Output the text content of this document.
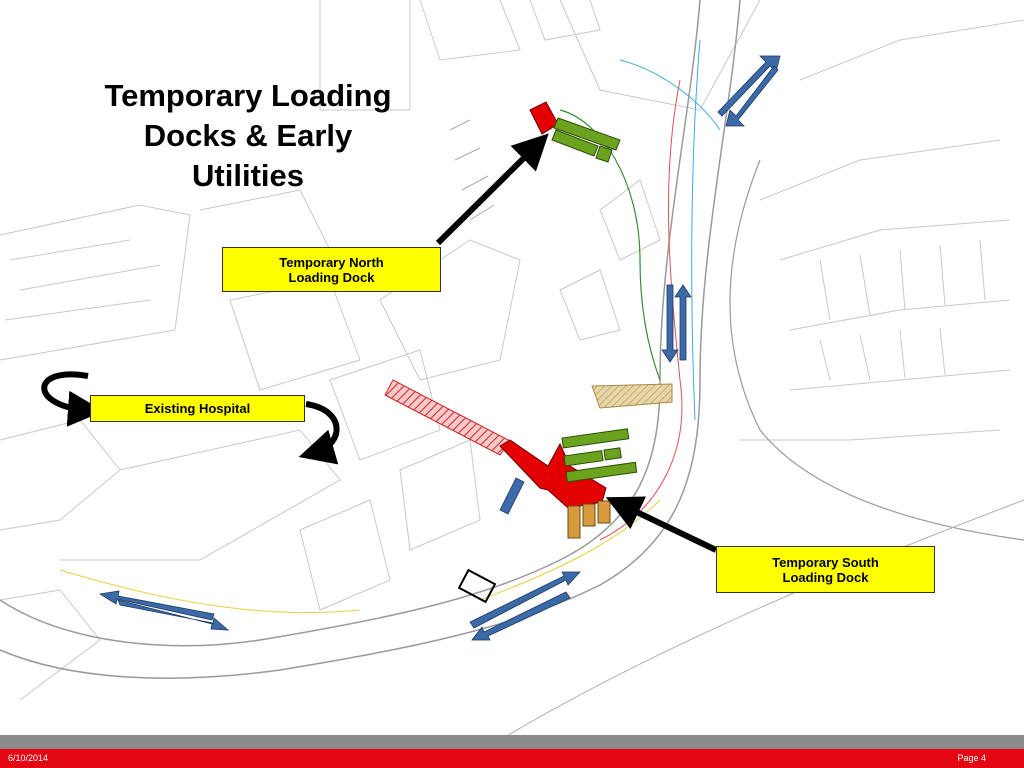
Temporary Loading
Docks & Early
Utilities
Temporary North
Loading Dock
Existing Hospital
Temporary South
Loading Dock
6/10/2014	Page 4
